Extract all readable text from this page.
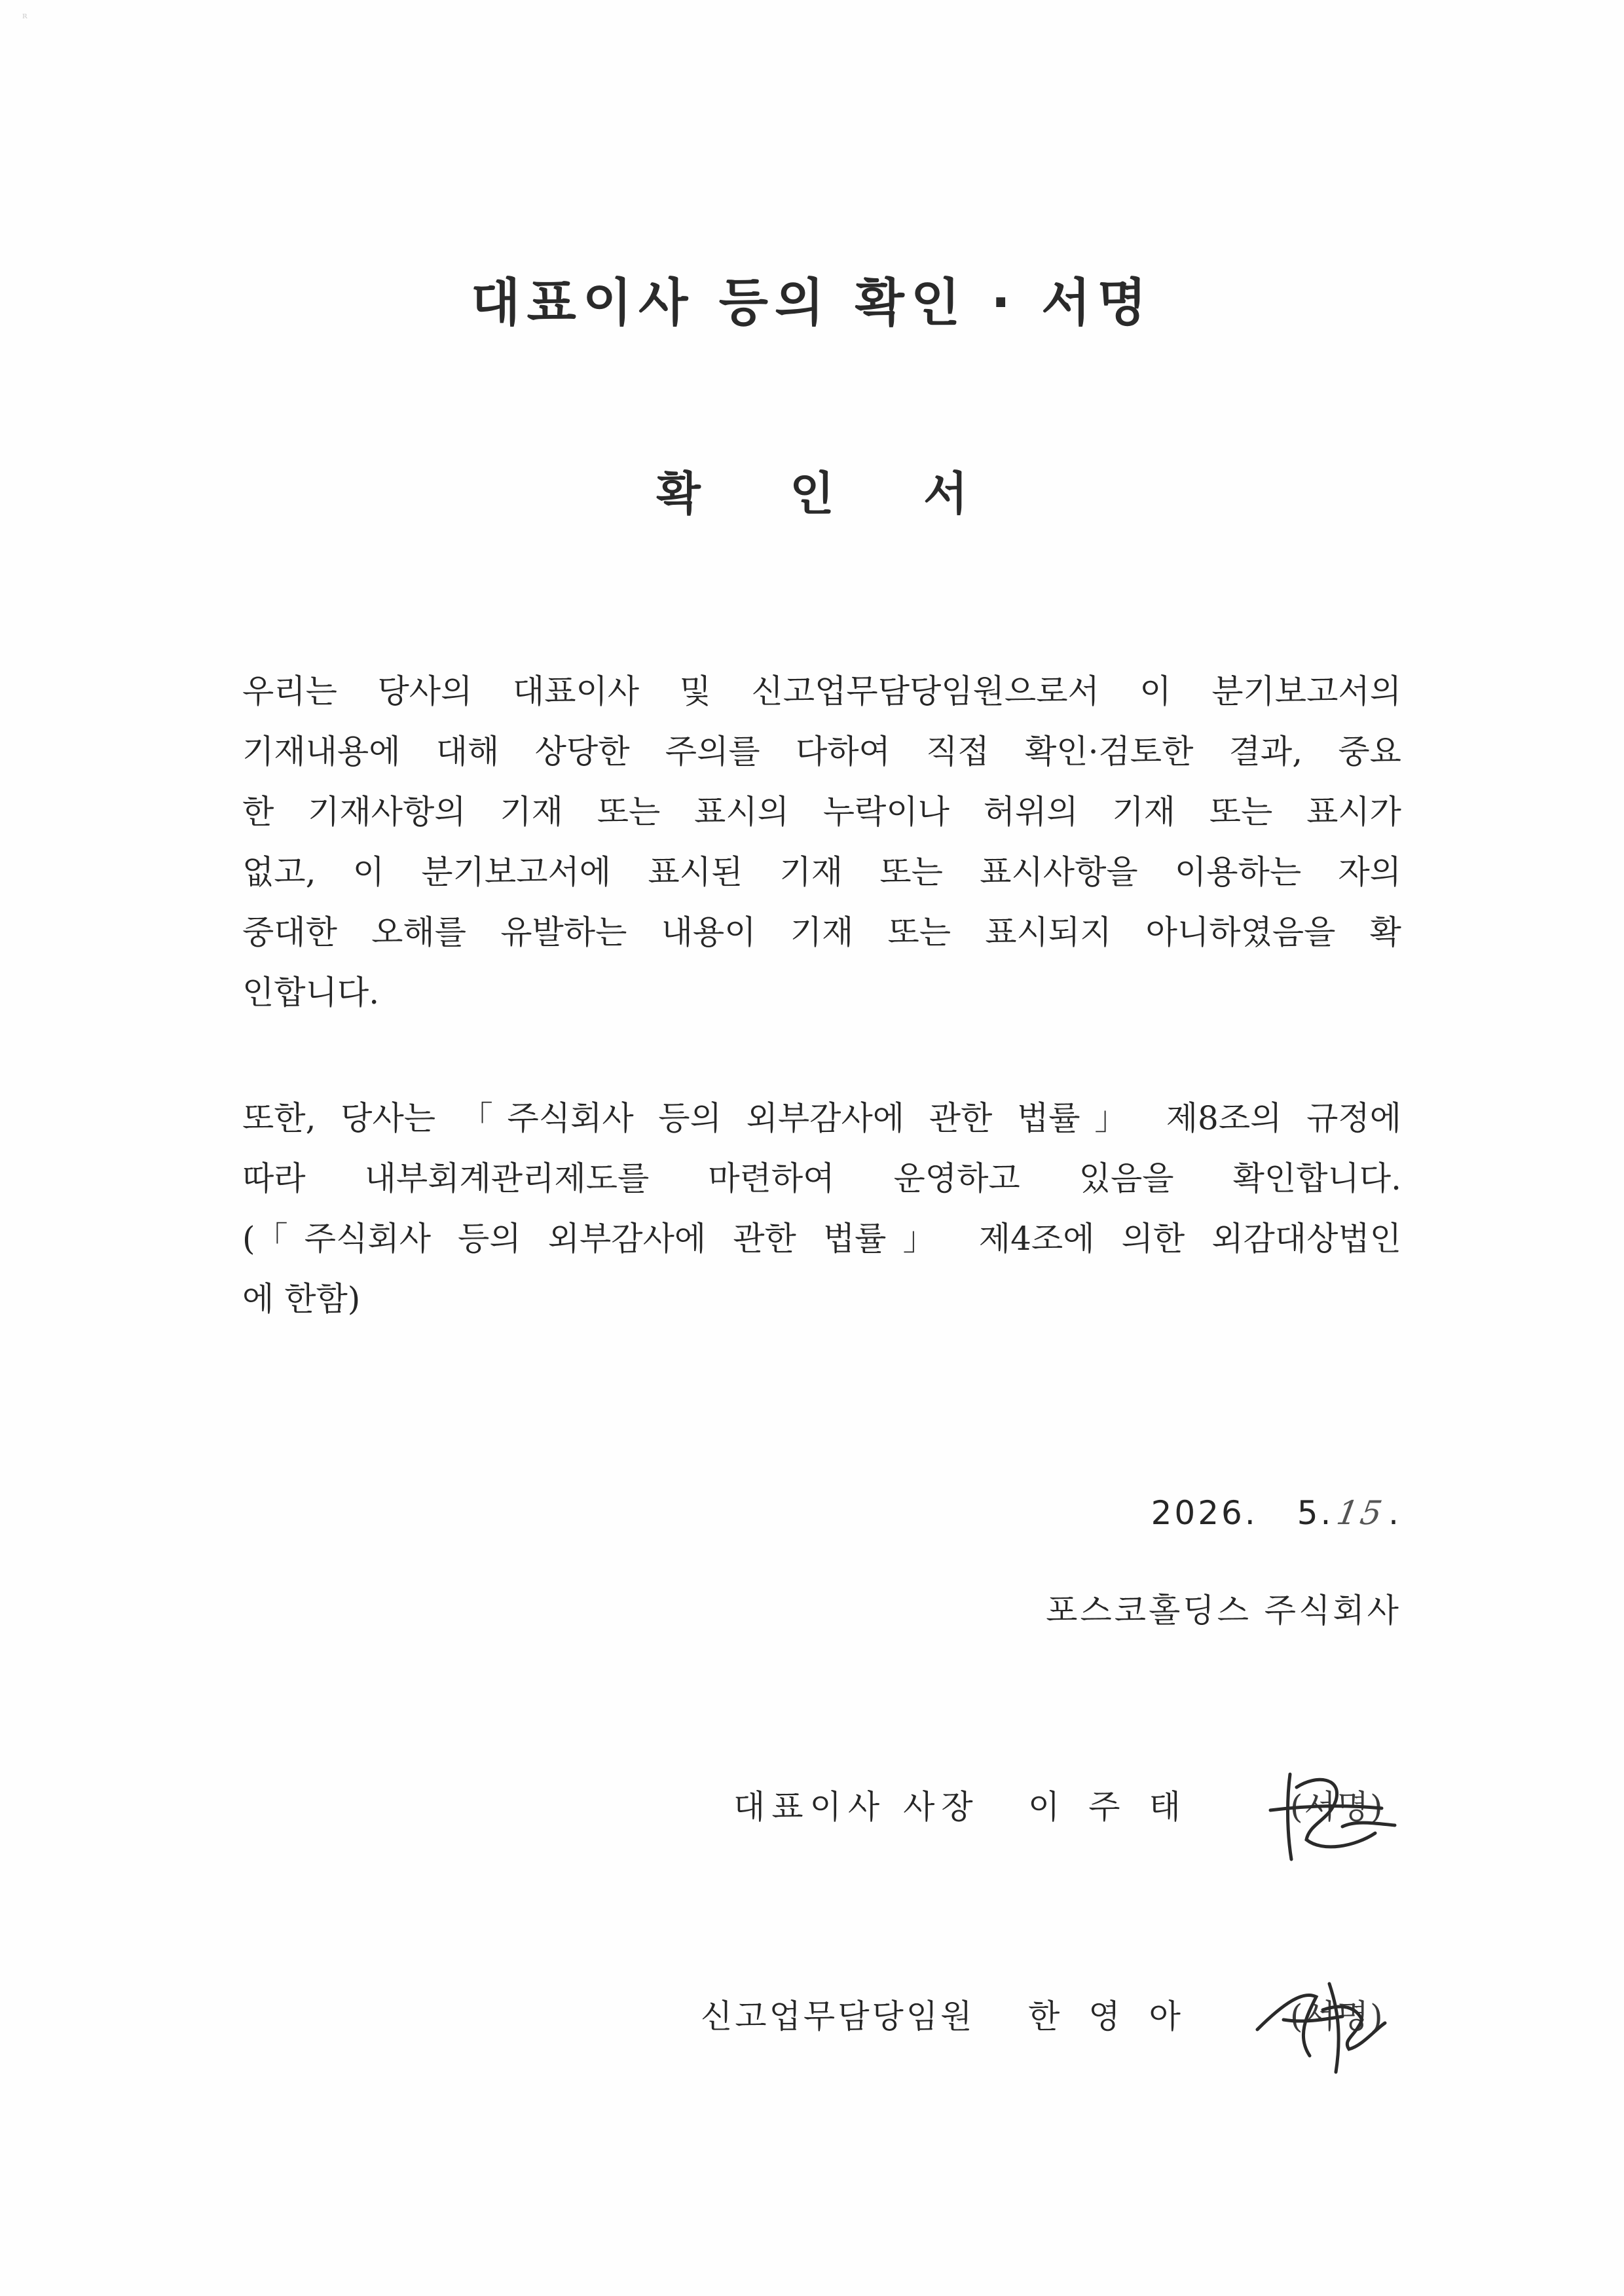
ᴿ
대표이사 등의 확인 · 서명
확 인 서
우리는 당사의 대표이사 및 신고업무담당임원으로서 이 분기보고서의
기재내용에 대해 상당한 주의를 다하여 직접 확인·검토한 결과, 중요
한 기재사항의 기재 또는 표시의 누락이나 허위의 기재 또는 표시가
없고, 이 분기보고서에 표시된 기재 또는 표시사항을 이용하는 자의
중대한 오해를 유발하는 내용이 기재 또는 표시되지 아니하였음을 확
인합니다.
또한, 당사는 「주식회사 등의 외부감사에 관한 법률」 제8조의 규정에
따라 내부회계관리제도를 마련하여 운영하고 있음을 확인합니다.
(「주식회사 등의 외부감사에 관한 법률」 제4조에 의한 외감대상법인
에 한함)
2026. 5.15.
포스코홀딩스 주식회사
대표이사 사장 이주태 (서명)
신고업무담당임원 한영아 (서명)
